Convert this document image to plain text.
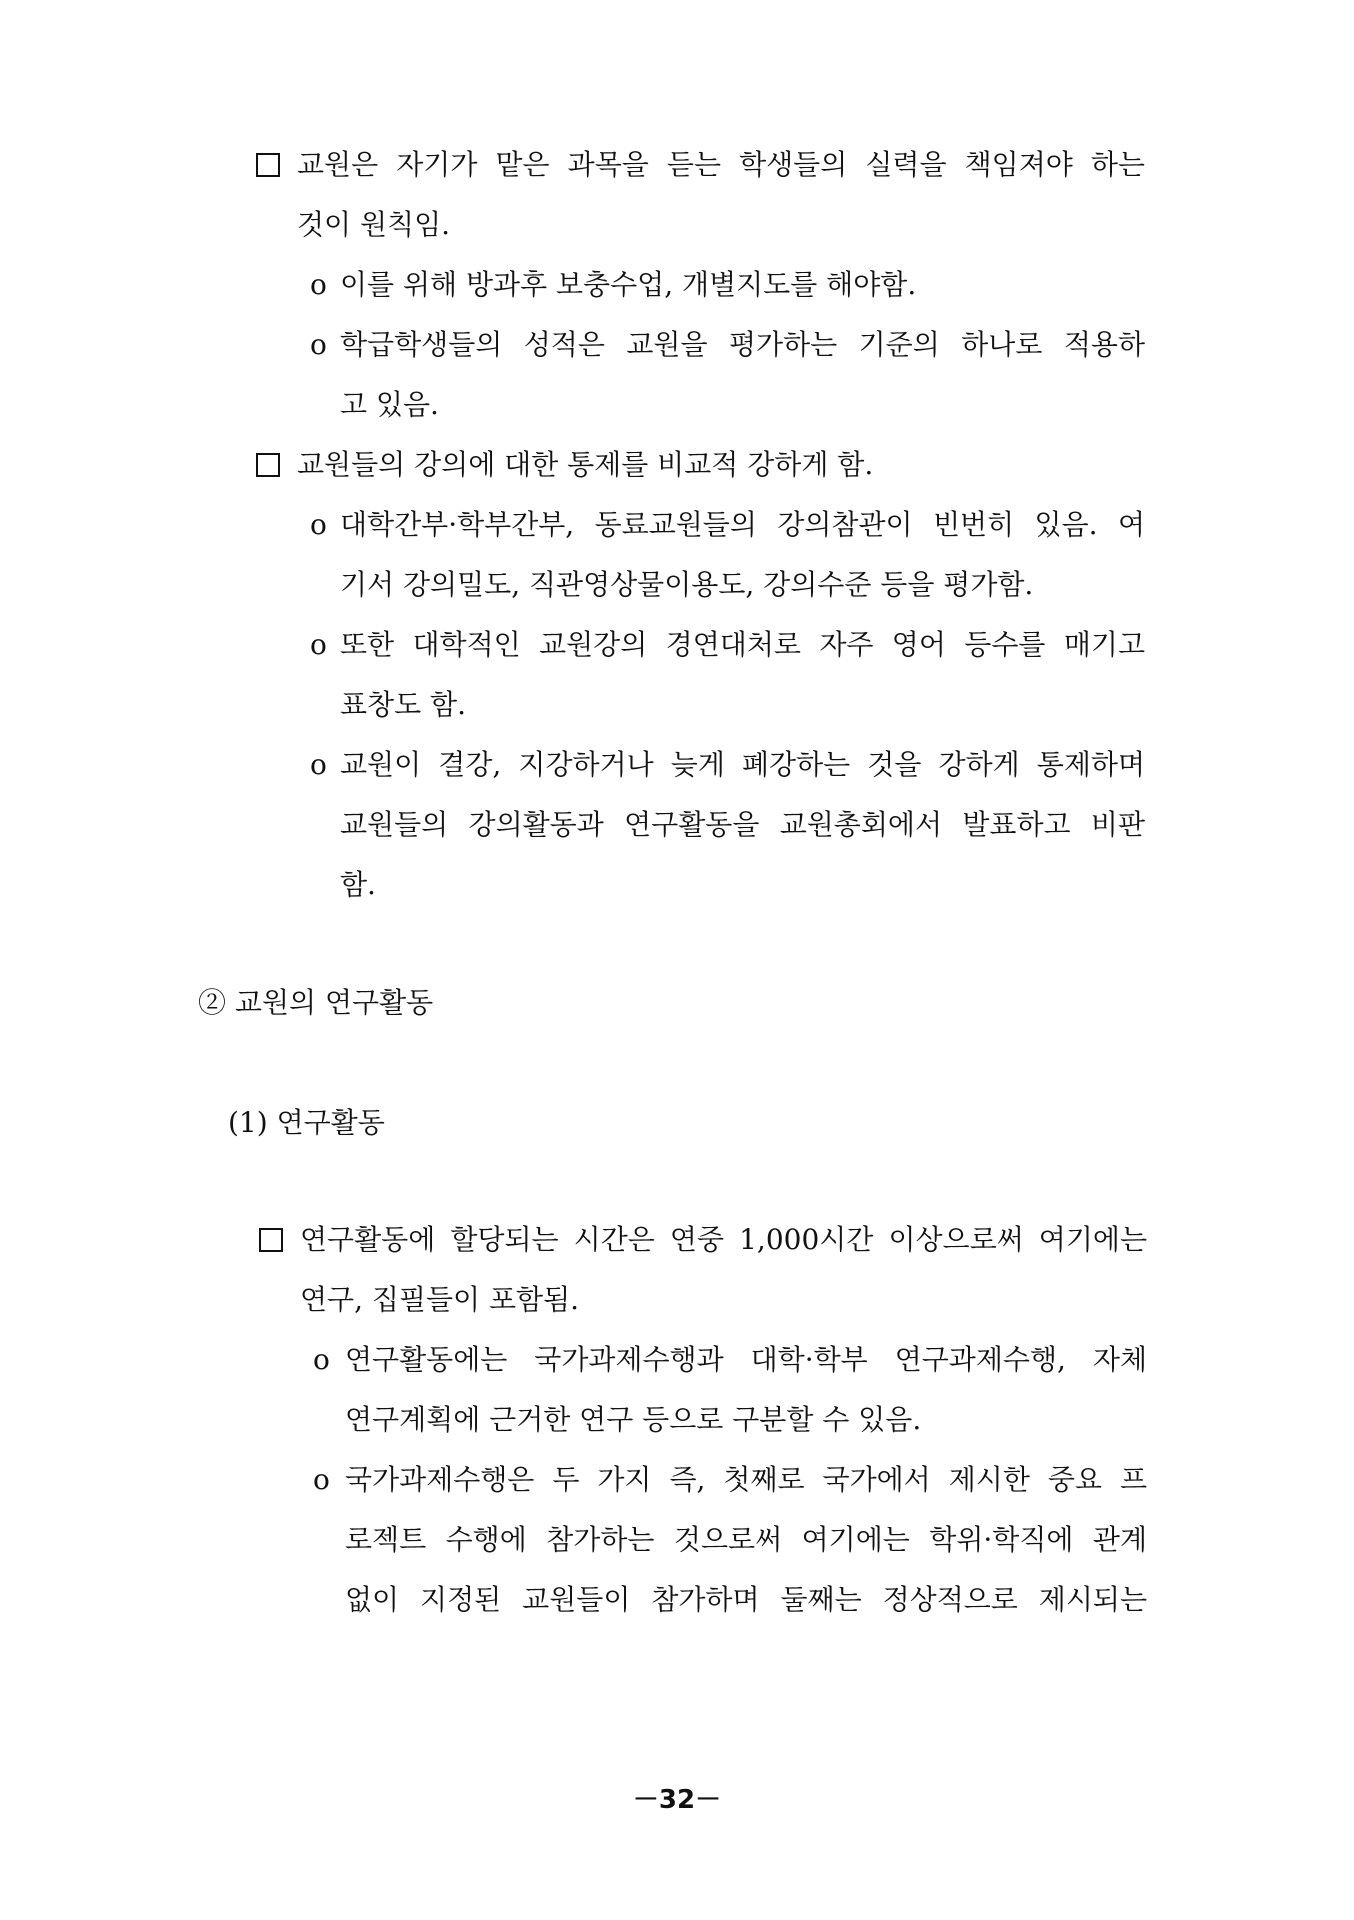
교원은 자기가 맡은 과목을 듣는 학생들의 실력을 책임져야 하는
것이 원칙임.
o 이를 위해 방과후 보충수업, 개별지도를 해야함.
o 학급학생들의 성적은 교원을 평가하는 기준의 하나로 적용하
고 있음.
교원들의 강의에 대한 통제를 비교적 강하게 함.
o 대학간부·학부간부, 동료교원들의 강의참관이 빈번히 있음. 여
기서 강의밀도, 직관영상물이용도, 강의수준 등을 평가함.
o 또한 대학적인 교원강의 경연대처로 자주 영어 등수를 매기고
표창도 함.
o 교원이 결강, 지강하거나 늦게 폐강하는 것을 강하게 통제하며
교원들의 강의활동과 연구활동을 교원총회에서 발표하고 비판
함.
② 교원의 연구활동
(1) 연구활동
연구활동에 할당되는 시간은 연중 1,000시간 이상으로써 여기에는
연구, 집필들이 포함됨.
o 연구활동에는 국가과제수행과 대학·학부 연구과제수행, 자체
연구계획에 근거한 연구 등으로 구분할 수 있음.
o 국가과제수행은 두 가지 즉, 첫째로 국가에서 제시한 중요 프
로젝트 수행에 참가하는 것으로써 여기에는 학위·학직에 관계
없이 지정된 교원들이 참가하며 둘째는 정상적으로 제시되는
－32－
